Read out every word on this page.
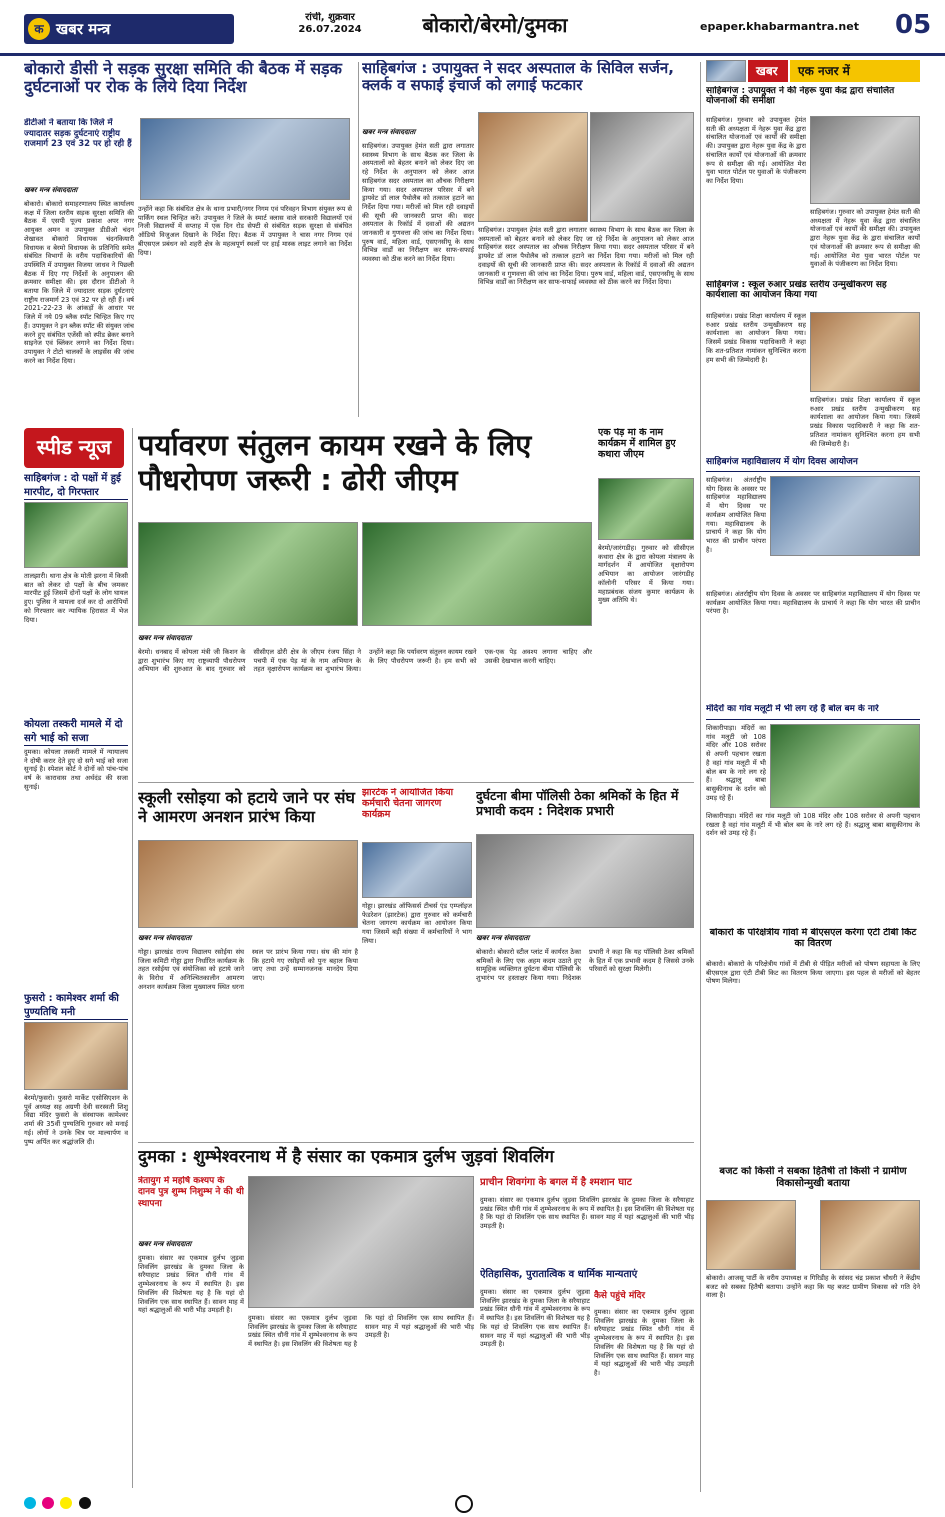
खबर मन्त्र
क
रांची, शुक्रवार
26.07.2024	बोकारो/बेरमो/दुमका	epaper.khabarmantra.net	05
बोकारो डीसी ने सड़क सुरक्षा समिति की बैठक में सड़क दुर्घटनाओं पर रोक के लिये दिया निर्देश
डीटीओ ने बताया कि जिले में ज्यादातर सड़क दुर्घटनाएं राष्ट्रीय राजमार्ग 23 एवं 32 पर हो रही हैं
खबर मन्त्र संवाददाता
बोकारो। बोकारो समाहरणालय स्थित कार्यालय कक्ष में जिला स्तरीय सड़क सुरक्षा समिति की बैठक में एसपी पूज्य प्रकाश अपर नगर आयुक्त अमन व उपायुक्त डीडीओ चंदन शेखावत बोकारो विधायक चंदनकियारी विधायक व बेरमो विधायक के प्रतिनिधि समेत संबंधित विभागों के वरीय पदाधिकारियों की उपस्थिति में उपायुक्त विजया जाधव ने पिछली बैठक में दिए गए निर्देशों के अनुपालन की क्रमवार समीक्षा की। इस दौरान डीटीओ ने बताया कि जिले में ज्यादातर सड़क दुर्घटनाएं राष्ट्रीय राजमार्ग 23 एवं 32 पर हो रही हैं। वर्ष 2021-22-23 के आंकड़ों के आधार पर जिले में नये 09 ब्लैक स्पॉट चिन्हित किए गए हैं। उपायुक्त ने इन ब्लैक स्पॉट की संयुक्त जांच करने हुए संबंधित एजेंसी को स्पीड ब्रेकर बनाने साइनेज एवं ब्लिंकर लगाने का निर्देश दिया। उपायुक्त ने टोटो चालकों के लाइसेंस की जांच करने का निर्देश दिया।
उन्होंने कहा कि संबंधित क्षेत्र के थाना प्रभारी/नगर निगम एवं परिवहन विभाग संयुक्त रूप से पार्किंग स्थल चिन्हित करें। उपायुक्त ने जिले के स्मार्ट क्लास वाले सरकारी विद्यालयों एवं निजी विद्यालयों में सप्ताह में एक दिन रोड सेफ्टी से संबंधित सड़क सुरक्षा से संबंधित ऑडियो विजुअल दिखाने के निर्देश दिए। बैठक में उपायुक्त ने चास नगर निगम एवं बीएसएल प्रबंधन को शहरी क्षेत्र के महत्वपूर्ण स्थलों पर हाई मास्क लाइट लगाने का निर्देश दिया।
साहिबगंज : उपायुक्त ने सदर अस्पताल के सिविल सर्जन, क्लर्क व सफाई इंचार्ज को लगाई फटकार
खबर मन्त्र संवाददाता
साहिबगंज। उपायुक्त हेमंत सती द्वारा लगातार स्वास्थ्य विभाग के साथ बैठक कर जिला के अस्पतालों को बेहतर बनाने को लेकर दिए जा रहे निर्देश के अनुपालन को लेकर आज साहिबगंज सदर अस्पताल का औचक निरीक्षण किया गया। सदर अस्पताल परिसर में बने ड्रायवेट डॉ लाल पैथोलैब को तत्काल हटाने का निर्देश दिया गया। मरीजों को मिल रही दवाइयों की सूची की जानकारी प्राप्त की। सदर अस्पताल के रिकॉर्ड में दवाओं की अद्यतन जानकारी व गुणवत्ता की जांच का निर्देश दिया। पुरुष वार्ड, महिला वार्ड, एसएनसीयू के साथ विभिन्न वार्डों का निरीक्षण कर साफ-सफाई व्यवस्था को ठीक करने का निर्देश दिया।
साहिबगंज। उपायुक्त हेमंत सती द्वारा लगातार स्वास्थ्य विभाग के साथ बैठक कर जिला के अस्पतालों को बेहतर बनाने को लेकर दिए जा रहे निर्देश के अनुपालन को लेकर आज साहिबगंज सदर अस्पताल का औचक निरीक्षण किया गया। सदर अस्पताल परिसर में बने ड्रायवेट डॉ लाल पैथोलैब को तत्काल हटाने का निर्देश दिया गया। मरीजों को मिल रही दवाइयों की सूची की जानकारी प्राप्त की। सदर अस्पताल के रिकॉर्ड में दवाओं की अद्यतन जानकारी व गुणवत्ता की जांच का निर्देश दिया। पुरुष वार्ड, महिला वार्ड, एसएनसीयू के साथ विभिन्न वार्डों का निरीक्षण कर साफ-सफाई व्यवस्था को ठीक करने का निर्देश दिया।
स्पीड न्यूज
साहिबगंज : दो पक्षों में हुई मारपीट, दो गिरफ्तार
तालझारी। थाना क्षेत्र के मोती झरना में किसी बात को लेकर दो पक्षों के बीच जमकर मारपीट हुई जिसमें दोनों पक्षों के लोग घायल हुए। पुलिस ने मामला दर्ज कर दो आरोपियों को गिरफ्तार कर न्यायिक हिरासत में भेज दिया।
कोयला तस्करी मामले में दो सगे भाई को सजा
दुमका। कोयला तस्करी मामले में न्यायालय ने दोषी करार देते हुए दो सगे भाई को सजा सुनाई है। स्पेशल कोर्ट ने दोनों को पांच-पांच वर्ष के कारावास तथा अर्थदंड की सजा सुनाई।
फुसरो : कामेश्वर शर्मा की पुण्यतिथि मनी
बेरमो/फुसरो। फुसरो मार्केट एसोसिएशन के पूर्व अध्यक्ष सह अग्रणी देवी सरस्वती शिशु विद्या मंदिर फुसरो के संस्थापक कामेश्वर शर्मा की 35वीं पुण्यतिथि गुरुवार को मनाई गई। लोगों ने उनके चित्र पर माल्यार्पण व पुष्प अर्पित कर श्रद्धांजलि दी।
पर्यावरण संतुलन कायम रखने के लिए पौधरोपण जरूरी : ढोरी जीएम
खबर मन्त्र संवाददाता
बेरमो। धनबाद में कोयला मंत्री जी किशन के द्वारा शुभारंभ किए गए राष्ट्रव्यापी पौधरोपण अभियान की शुरुआत के बाद गुरुवार को सीसीएल ढोरी क्षेत्र के जीएम रंजय सिंहा ने पचपी में एक पेड़ मां के नाम अभियान के तहत वृक्षारोपण कार्यक्रम का शुभारंभ किया। उन्होंने कहा कि पर्यावरण संतुलन कायम रखने के लिए पौधरोपण जरूरी है। हम सभी को एक-एक पेड़ अवश्य लगाना चाहिए और उसकी देखभाल करनी चाहिए।
एक पेड़ मां के नाम कार्यक्रम में शामिल हुए कथारा जीएम
बेरमो/जारंगडीह। गुरुवार को सीसीएल कथारा क्षेत्र के द्वारा कोयला मंत्रालय के मार्गदर्शन में आयोजित वृक्षारोपण अभियान का आयोजन जारंगडीह कॉलोनी परिसर में किया गया। महाप्रबंधक संजय कुमार कार्यक्रम के मुख्य अतिथि थे।
स्कूली रसोइया को हटाये जाने पर संघ ने आमरण अनशन प्रारंभ किया
खबर मन्त्र संवाददाता
गोड्डा। झारखंड राज्य विद्यालय रसोईया संघ जिला कमिटी गोड्डा द्वारा निर्धारित कार्यक्रम के तहत रसोईया एवं संयोजिका को हटाये जाने के विरोध में अनिश्चितकालीन आमरण अनशन कार्यक्रम जिला मुख्यालय स्थित धरना स्थल पर प्रारंभ किया गया। संघ की मांग है कि हटाये गए रसोइयों को पुनः बहाल किया जाए तथा उन्हें सम्मानजनक मानदेय दिया जाए।
झारटेक ने आयोजित किया कर्मचारी चेतना जागरण कार्यक्रम
गोड्डा। झारखंड ऑफिसर्स टीचर्स एंड एम्प्लॉइज फेडरेशन (झारटेक) द्वारा गुरुवार को कर्मचारी चेतना जागरण कार्यक्रम का आयोजन किया गया जिसमें बड़ी संख्या में कर्मचारियों ने भाग लिया।
दुर्घटना बीमा पॉलिसी ठेका श्रमिकों के हित में प्रभावी कदम : निदेशक प्रभारी
खबर मन्त्र संवाददाता
बोकारो। बोकारो स्टील प्लांट में कार्यरत ठेका श्रमिकों के लिए एक अहम कदम उठाते हुए सामूहिक व्यक्तिगत दुर्घटना बीमा पॉलिसी के शुभारंभ पर हस्ताक्षर किया गया। निदेशक प्रभारी ने कहा कि यह पॉलिसी ठेका श्रमिकों के हित में एक प्रभावी कदम है जिससे उनके परिवारों को सुरक्षा मिलेगी।
दुमका : शुम्भेश्वरनाथ में है संसार का एकमात्र दुर्लभ जुड़वां शिवलिंग
त्रेतायुग में महर्षि कश्यप के दानव पुत्र शुम्भ निशुम्भ ने की थी स्थापना
खबर मन्त्र संवाददाता
दुमका। संसार का एकमात्र दुर्लभ जुड़वा शिवलिंग झारखंड के दुमका जिला के सरैयाहाट प्रखंड स्थित धौनी गांव में शुम्भेश्वरनाथ के रूप में स्थापित है। इस शिवलिंग की विशेषता यह है कि यहां दो शिवलिंग एक साथ स्थापित हैं। सावन माह में यहां श्रद्धालुओं की भारी भीड़ उमड़ती है।
दुमका। संसार का एकमात्र दुर्लभ जुड़वा शिवलिंग झारखंड के दुमका जिला के सरैयाहाट प्रखंड स्थित धौनी गांव में शुम्भेश्वरनाथ के रूप में स्थापित है। इस शिवलिंग की विशेषता यह है कि यहां दो शिवलिंग एक साथ स्थापित हैं। सावन माह में यहां श्रद्धालुओं की भारी भीड़ उमड़ती है।
प्राचीन शिवगंगा के बगल में है श्मशान घाट
दुमका। संसार का एकमात्र दुर्लभ जुड़वा शिवलिंग झारखंड के दुमका जिला के सरैयाहाट प्रखंड स्थित धौनी गांव में शुम्भेश्वरनाथ के रूप में स्थापित है। इस शिवलिंग की विशेषता यह है कि यहां दो शिवलिंग एक साथ स्थापित हैं। सावन माह में यहां श्रद्धालुओं की भारी भीड़ उमड़ती है।
ऐतिहासिक, पुरातात्विक व धार्मिक मान्यताएं
दुमका। संसार का एकमात्र दुर्लभ जुड़वा शिवलिंग झारखंड के दुमका जिला के सरैयाहाट प्रखंड स्थित धौनी गांव में शुम्भेश्वरनाथ के रूप में स्थापित है। इस शिवलिंग की विशेषता यह है कि यहां दो शिवलिंग एक साथ स्थापित हैं। सावन माह में यहां श्रद्धालुओं की भारी भीड़ उमड़ती है।
कैसे पहुंचे मंदिर
दुमका। संसार का एकमात्र दुर्लभ जुड़वा शिवलिंग झारखंड के दुमका जिला के सरैयाहाट प्रखंड स्थित धौनी गांव में शुम्भेश्वरनाथ के रूप में स्थापित है। इस शिवलिंग की विशेषता यह है कि यहां दो शिवलिंग एक साथ स्थापित हैं। सावन माह में यहां श्रद्धालुओं की भारी भीड़ उमड़ती है।
खबर	एक नजर में
साहिबगंज : उपायुक्त ने की नेहरू युवा केंद्र द्वारा संचालित योजनाओं की समीक्षा
साहिबगंज। गुरुवार को उपायुक्त हेमंत सती की अध्यक्षता में नेहरू युवा केंद्र द्वारा संचालित योजनाओं एवं कार्यों की समीक्षा की। उपायुक्त द्वारा नेहरू युवा केंद्र के द्वारा संचालित कार्यों एवं योजनाओं की क्रमवार रूप से समीक्षा की गई। आयोजित मेरा युवा भारत पोर्टल पर युवाओं के पंजीकरण का निर्देश दिया।
साहिबगंज। गुरुवार को उपायुक्त हेमंत सती की अध्यक्षता में नेहरू युवा केंद्र द्वारा संचालित योजनाओं एवं कार्यों की समीक्षा की। उपायुक्त द्वारा नेहरू युवा केंद्र के द्वारा संचालित कार्यों एवं योजनाओं की क्रमवार रूप से समीक्षा की गई। आयोजित मेरा युवा भारत पोर्टल पर युवाओं के पंजीकरण का निर्देश दिया।
साहिबगंज : स्कूल रुआर प्रखंड स्तरीय उन्मुखीकरण सह कार्यशाला का आयोजन किया गया
साहिबगंज। प्रखंड शिक्षा कार्यालय में स्कूल रुआर प्रखंड स्तरीय उन्मुखीकरण सह कार्यशाला का आयोजन किया गया। जिसमें प्रखंड विकास पदाधिकारी ने कहा कि शत-प्रतिशत नामांकन सुनिश्चित करना हम सभी की जिम्मेदारी है।
साहिबगंज। प्रखंड शिक्षा कार्यालय में स्कूल रुआर प्रखंड स्तरीय उन्मुखीकरण सह कार्यशाला का आयोजन किया गया। जिसमें प्रखंड विकास पदाधिकारी ने कहा कि शत-प्रतिशत नामांकन सुनिश्चित करना हम सभी की जिम्मेदारी है।
साहिबगंज महाविद्यालय में योग दिवस आयोजन
साहिबगंज। अंतर्राष्ट्रीय योग दिवस के अवसर पर साहिबगंज महाविद्यालय में योग दिवस पर कार्यक्रम आयोजित किया गया। महाविद्यालय के प्राचार्य ने कहा कि योग भारत की प्राचीन परंपरा है।
साहिबगंज। अंतर्राष्ट्रीय योग दिवस के अवसर पर साहिबगंज महाविद्यालय में योग दिवस पर कार्यक्रम आयोजित किया गया। महाविद्यालय के प्राचार्य ने कहा कि योग भारत की प्राचीन परंपरा है।
मंदिरों का गांव मलूटी में भी लग रहे हैं बोल बम के नारे
शिकारीपाड़ा। मंदिरों का गांव मलूटी जो 108 मंदिर और 108 सरोवर से अपनी पहचान रखता है वहां गांव मलूटी में भी बोल बम के नारे लग रहे हैं। श्रद्धालु बाबा बासुकीनाथ के दर्शन को उमड़ रहे हैं।
शिकारीपाड़ा। मंदिरों का गांव मलूटी जो 108 मंदिर और 108 सरोवर से अपनी पहचान रखता है वहां गांव मलूटी में भी बोल बम के नारे लग रहे हैं। श्रद्धालु बाबा बासुकीनाथ के दर्शन को उमड़ रहे हैं।
बोकारो के परिक्षेत्रीय गांवों में बीएसएल करेगा एंटी टीबी किट का वितरण
बोकारो। बोकारो के परिक्षेत्रीय गांवों में टीबी से पीड़ित मरीजों को पोषण सहायता के लिए बीएसएल द्वारा एंटी टीबी किट का वितरण किया जाएगा। इस पहल से मरीजों को बेहतर पोषण मिलेगा।
बजट को किसी ने सबका हितैषी तो किसी ने ग्रामीण विकासोन्मुखी बताया
बोकारो। आजसू पार्टी के वरीय उपाध्यक्ष व गिरिडीह के सांसद चंद्र प्रकाश चौधरी ने केंद्रीय बजट को सबका हितैषी बताया। उन्होंने कहा कि यह बजट ग्रामीण विकास को गति देने वाला है।
